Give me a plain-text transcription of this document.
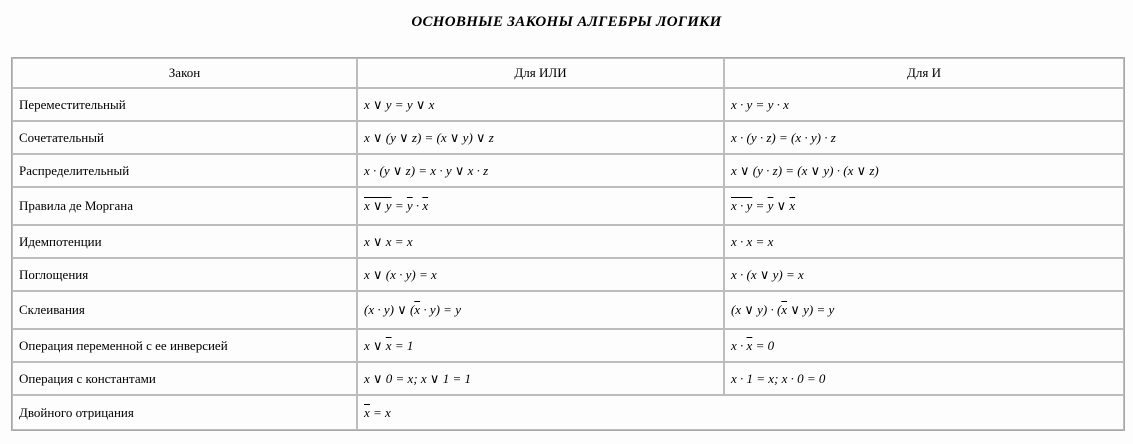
ОСНОВНЫЕ ЗАКОНЫ АЛГЕБРЫ ЛОГИКИ
Закон	Для ИЛИ	Для И
Переместительный	x ∨ y = y ∨ x	x · y = y · x
Сочетательный	x ∨ (y ∨ z) = (x ∨ y) ∨ z	x · (y · z) = (x · y) · z
Распределительный	x · (y ∨ z) = x · y ∨ x · z	x ∨ (y · z) = (x ∨ y) · (x ∨ z)
Правила де Моргана	x ∨ $y = \overline{y} \cdot \overline{x}$	$x \cdot y = \overline{y}$ ∨ $\overline{x}$
Идемпотенции	x ∨ x = x	x · x = x
Поглощения	x ∨ (x · y) = x	x · (x ∨ y) = x
Склеивания	(x · y) ∨ $(\overline{x} \cdot y) = y$	(x ∨ $y) \cdot (\overline{x}$ ∨ y) = y
Операция переменной с ее инверсией	x ∨ $\overline{x} = 1$	$x \cdot \overline{x} = 0$
Операция с константами	x ∨ 0 = x; x ∨ 1 = 1	x · 1 = x; x · 0 = 0
Двойного отрицания	$\overline{x} = x$	
